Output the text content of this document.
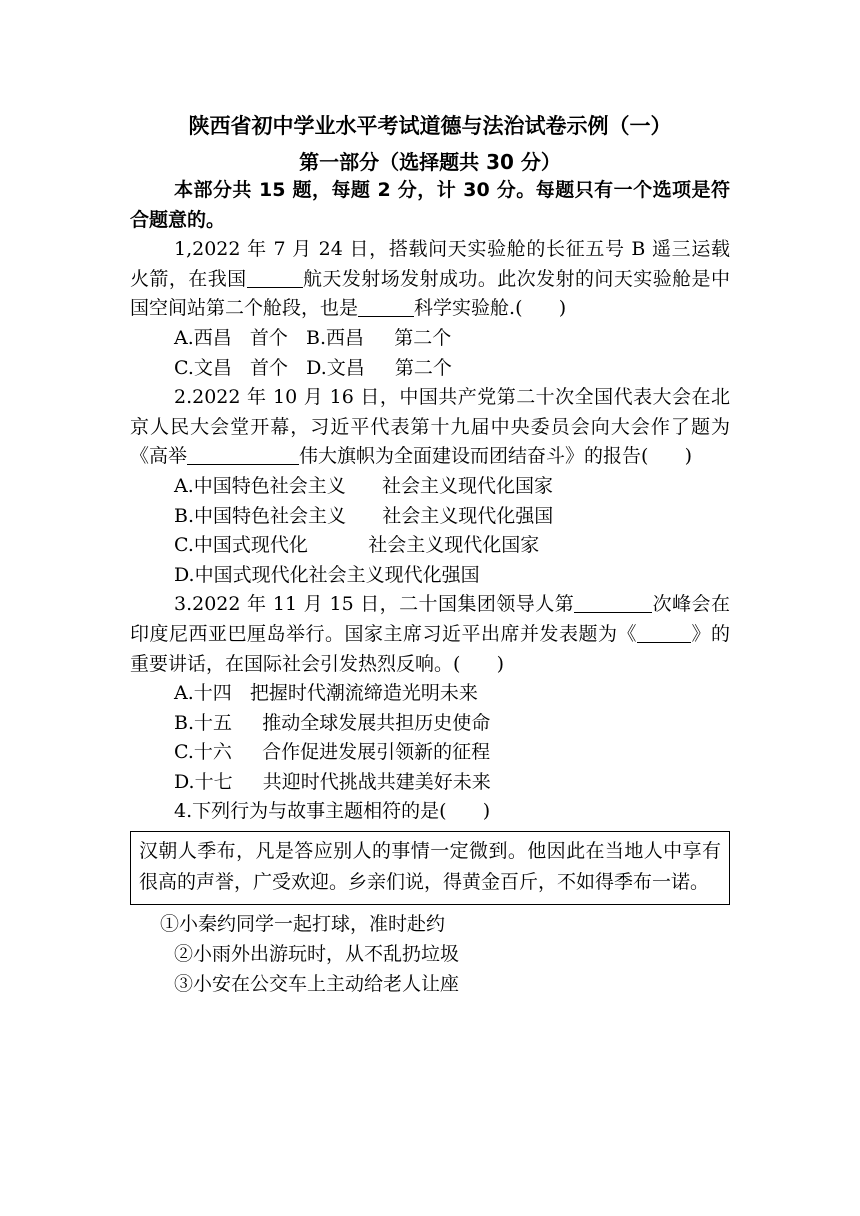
陕西省初中学业水平考试道德与法治试卷示例（一）
第一部分（选择题共 30 分）

本部分共 15 题，每题 2 分，计 30 分。每题只有一个选项是符合题意的。

1,2022 年 7 月 24 日，搭载问天实验舱的长征五号 B 遥三运载火箭，在我国	航天发射场发射成功。此次发射的问天实验舱是中国空间站第二个舱段，也是	科学实验舱.(      )

A.西昌   首个   B.西昌     第二个

C.文昌   首个   D.文昌     第二个

2.2022 年 10 月 16 日，中国共产党第二十次全国代表大会在北京人民大会堂开幕，习近平代表第十九届中央委员会向大会作了题为《高举	伟大旗帜为全面建设而团结奋斗》的报告(      )

A.中国特色社会主义      社会主义现代化国家

B.中国特色社会主义      社会主义现代化强国

C.中国式现代化          社会主义现代化国家

D.中国式现代化社会主义现代化强国

3.2022 年 11 月 15 日，二十国集团领导人第	次峰会在印度尼西亚巴厘岛举行。国家主席习近平出席并发表题为《	》的重要讲话，在国际社会引发热烈反响。(      )

A.十四   把握时代潮流缔造光明未来

B.十五     推动全球发展共担历史使命

C.十六     合作促进发展引领新的征程

D.十七     共迎时代挑战共建美好未来

4.下列行为与故事主题相符的是(      )

汉朝人季布，凡是答应别人的事情一定微到。他因此在当地人中享有很高的声誉，广受欢迎。乡亲们说，得黄金百斤，不如得季布一诺。

①小秦约同学一起打球，准时赴约

②小雨外出游玩时，从不乱扔垃圾

③小安在公交车上主动给老人让座
